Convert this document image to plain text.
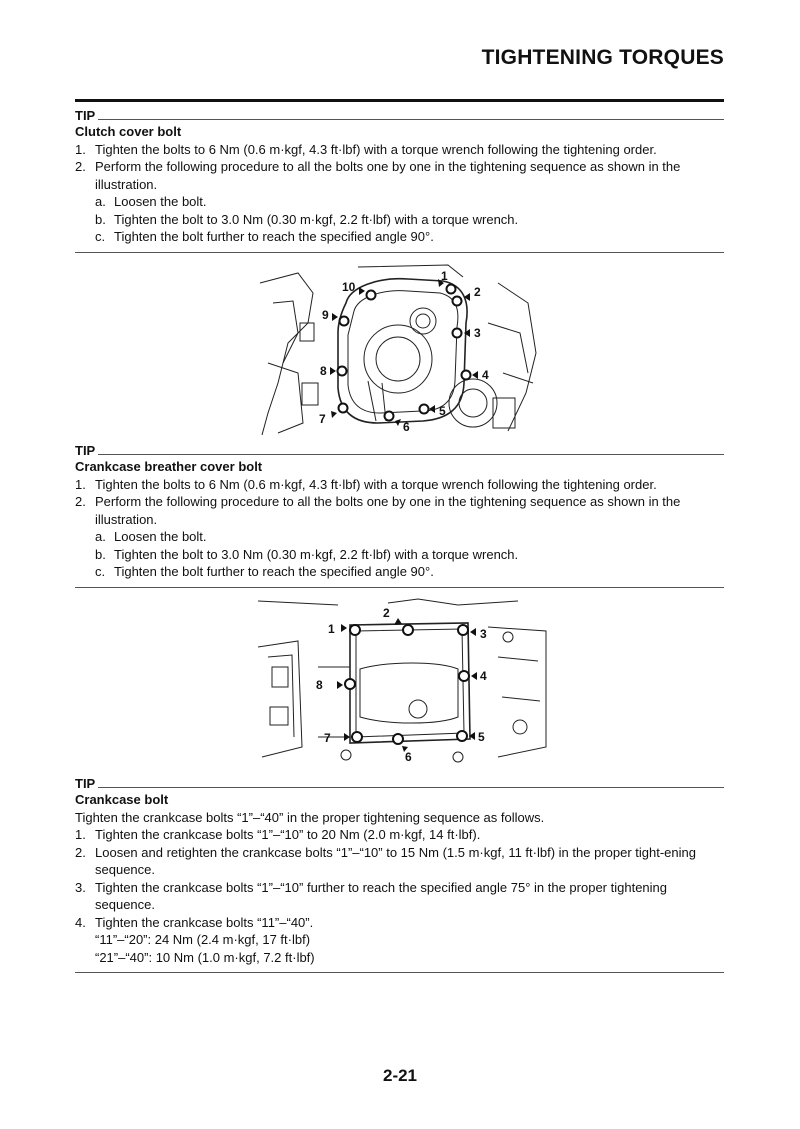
TIGHTENING TORQUES
TIP
Clutch cover bolt
1. Tighten the bolts to 6 Nm (0.6 m·kgf, 4.3 ft·lbf) with a torque wrench following the tightening order.
2. Perform the following procedure to all the bolts one by one in the tightening sequence as shown in the illustration.
a. Loosen the bolt.
b. Tighten the bolt to 3.0 Nm (0.30 m·kgf, 2.2 ft·lbf) with a torque wrench.
c. Tighten the bolt further to reach the specified angle 90°.
1
2
3
4
5
6
7
8
9
10
TIP
Crankcase breather cover bolt
1. Tighten the bolts to 6 Nm (0.6 m·kgf, 4.3 ft·lbf) with a torque wrench following the tightening order.
2. Perform the following procedure to all the bolts one by one in the tightening sequence as shown in the illustration.
a. Loosen the bolt.
b. Tighten the bolt to 3.0 Nm (0.30 m·kgf, 2.2 ft·lbf) with a torque wrench.
c. Tighten the bolt further to reach the specified angle 90°.
1
2
3
4
5
6
7
8
TIP
Crankcase bolt
Tighten the crankcase bolts “1”–“40” in the proper tightening sequence as follows.
1. Tighten the crankcase bolts “1”–“10” to 20 Nm (2.0 m·kgf, 14 ft·lbf).
2. Loosen and retighten the crankcase bolts “1”–“10” to 15 Nm (1.5 m·kgf, 11 ft·lbf) in the proper tight-ening sequence.
3. Tighten the crankcase bolts “1”–“10” further to reach the specified angle 75° in the proper tightening sequence.
4. Tighten the crankcase bolts “11”–“40”.
“11”–“20”: 24 Nm (2.4 m·kgf, 17 ft·lbf)
“21”–“40”: 10 Nm (1.0 m·kgf, 7.2 ft·lbf)
2-21
